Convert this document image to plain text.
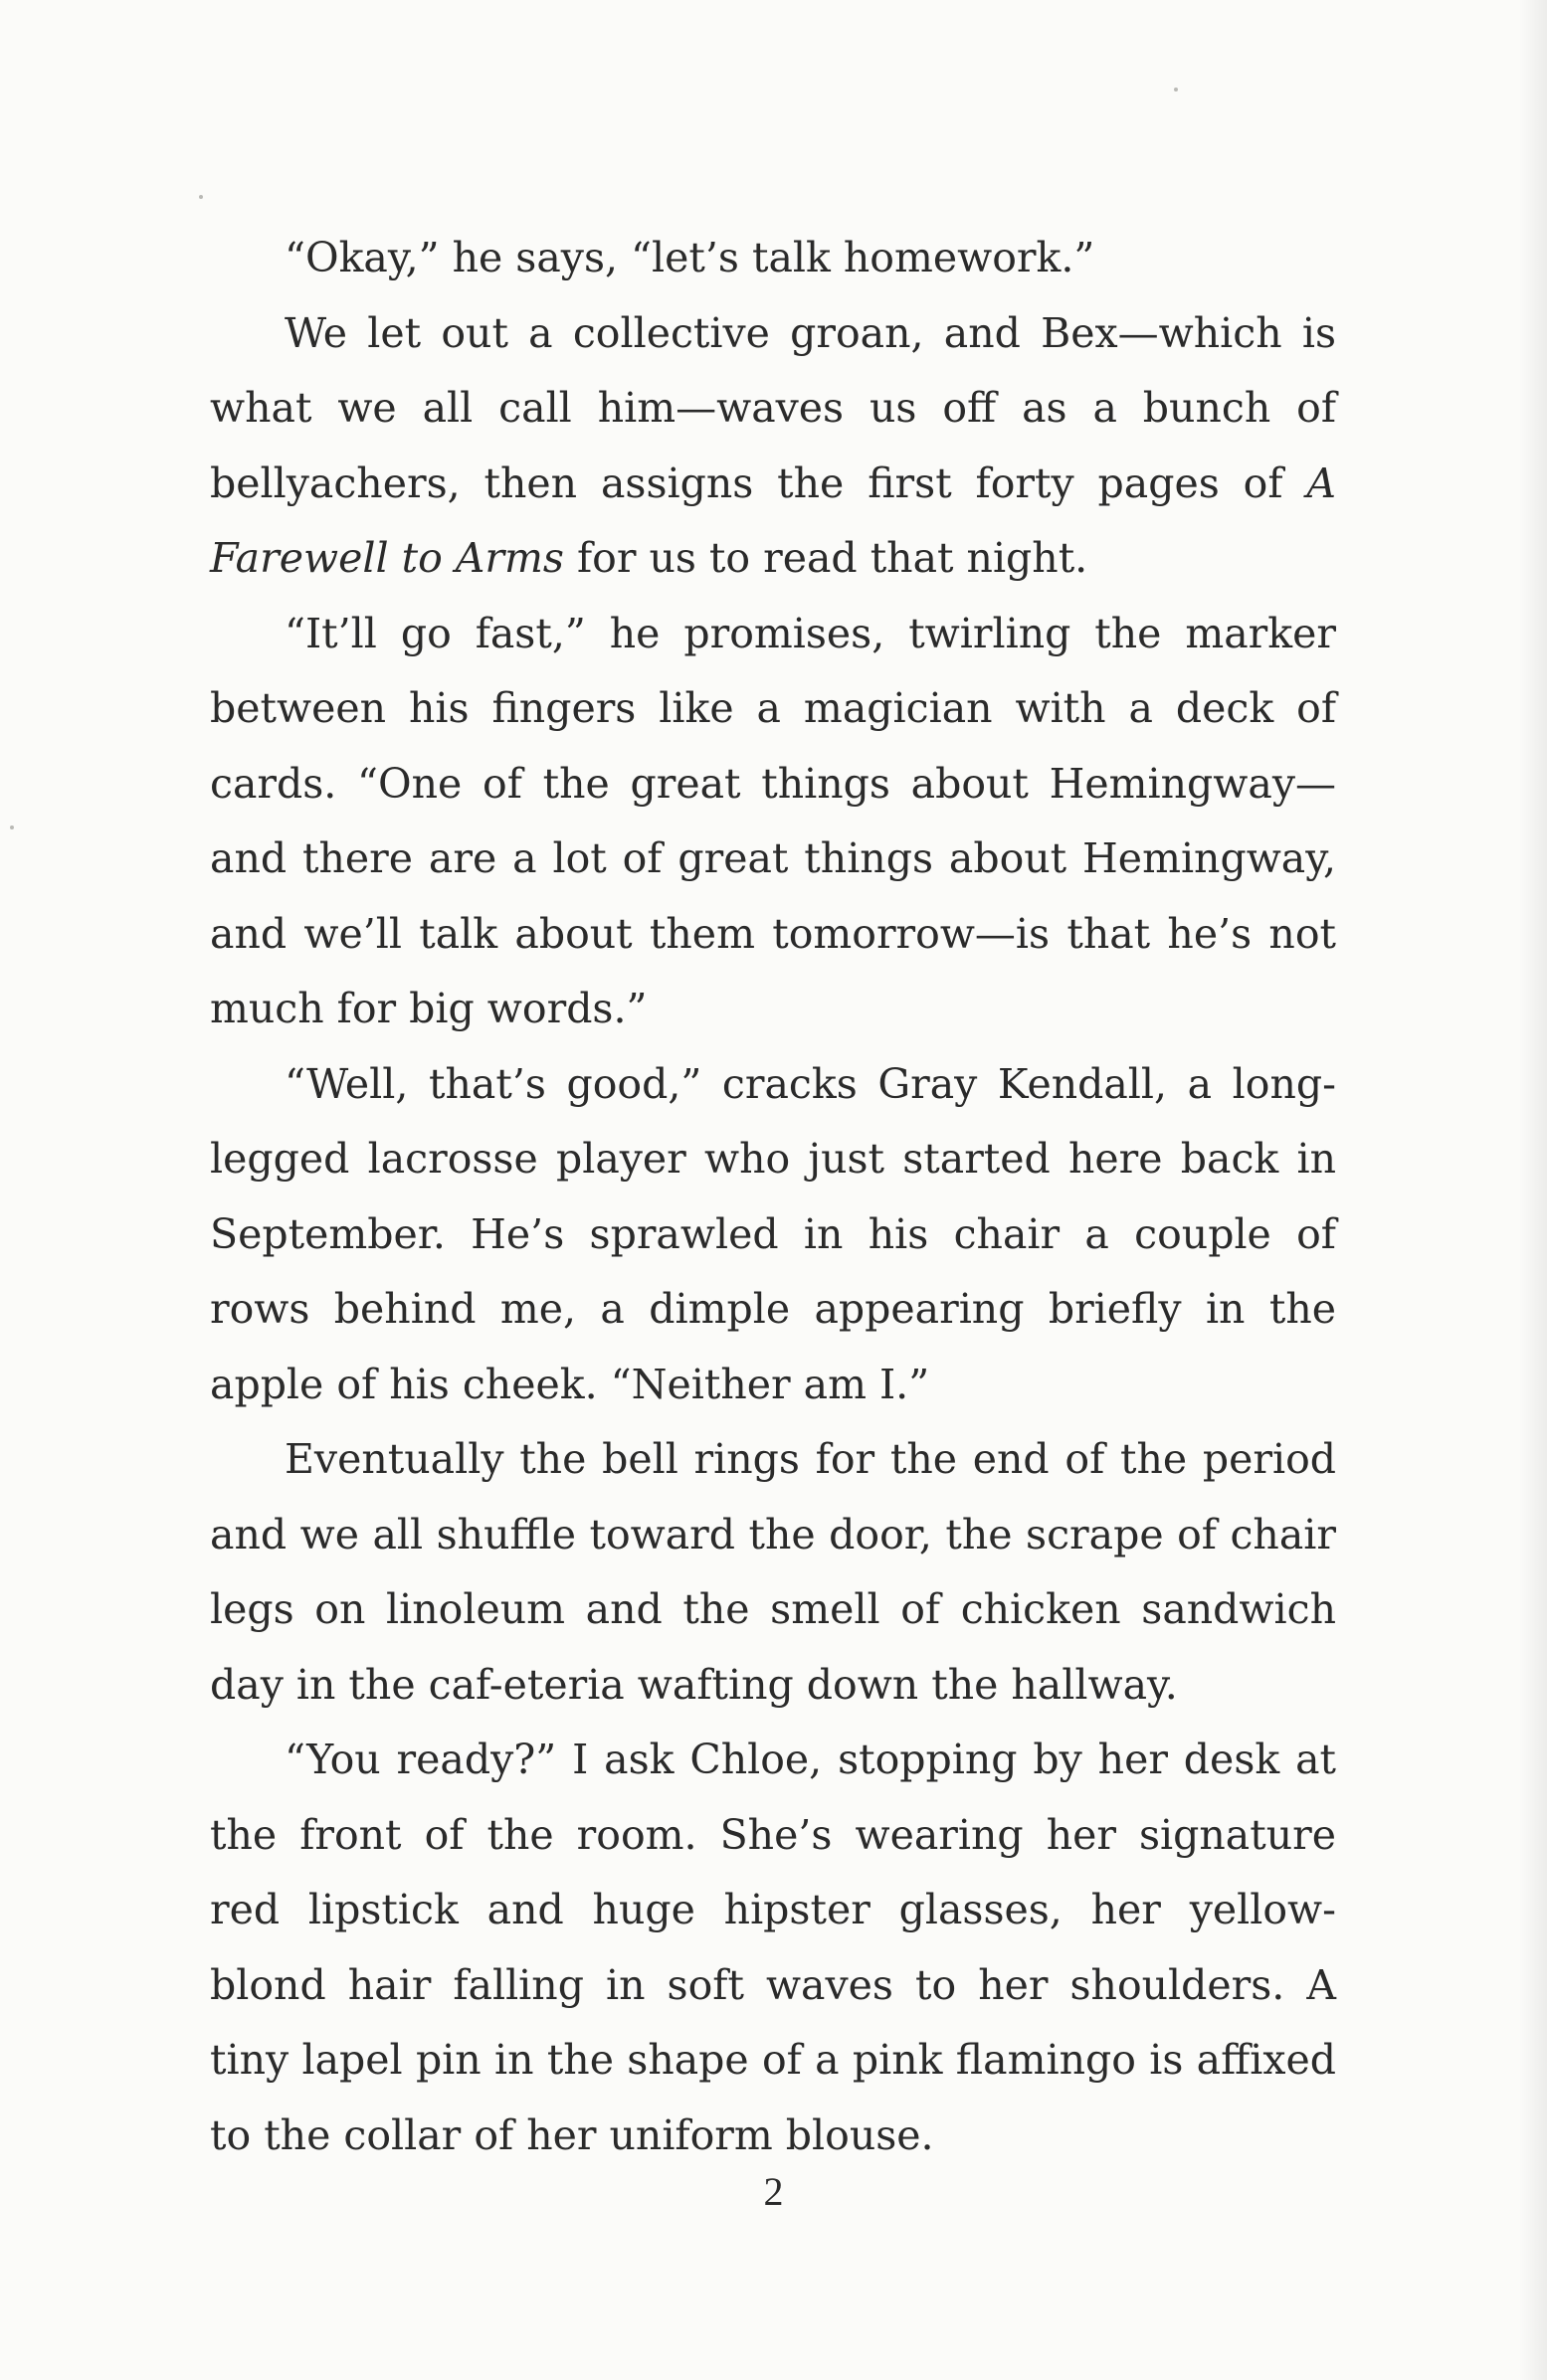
“Okay,” he says, “let’s talk homework.”

We let out a collective groan, and Bex—which is what we all call him—waves us off as a bunch of bellyachers, then assigns the first forty pages of A Farewell to Arms for us to read that night.

“It’ll go fast,” he promises, twirling the marker between his fingers like a magician with a deck of cards. “One of the great things about Hemingway—and there are a lot of great things about Hemingway, and we’ll talk about them tomorrow—is that he’s not much for big words.”

“Well, that’s good,” cracks Gray Kendall, a long-legged lacrosse player who just started here back in September. He’s sprawled in his chair a couple of rows behind me, a dimple appearing briefly in the apple of his cheek. “Neither am I.”

Eventually the bell rings for the end of the period and we all shuffle toward the door, the scrape of chair legs on linoleum and the smell of chicken sandwich day in the caf-eteria wafting down the hallway.

“You ready?” I ask Chloe, stopping by her desk at the front of the room. She’s wearing her signature red lipstick and huge hipster glasses, her yellow-blond hair falling in soft waves to her shoulders. A tiny lapel pin in the shape of a pink flamingo is affixed to the collar of her uniform blouse.

2
